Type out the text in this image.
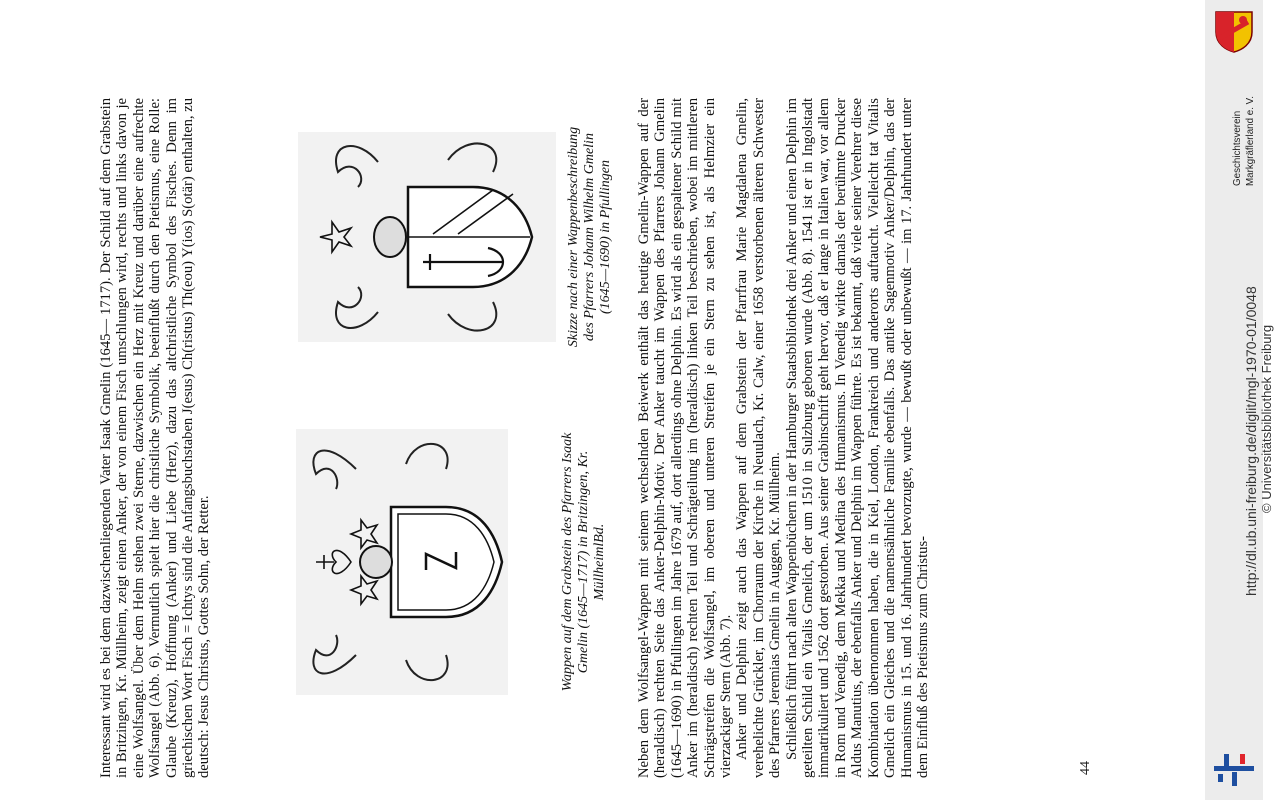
Interessant wird es bei dem dazwischenliegenden Vater Isaak Gmelin (1645— 1717). Der Schild auf dem Grabstein in Britzingen, Kr. Müllheim, zeigt einen Anker, der von einem Fisch umschlungen wird, rechts und links davon je eine Wolfsangel. Über dem Helm stehen zwei Sterne, dazwischen ein Herz mit Kreuz und darüber eine aufrechte Wolfsangel (Abb. 6). Vermutlich spielt hier die christliche Symbolik, beeinflußt durch den Pietismus, eine Rolle: Glaube (Kreuz), Hoffnung (Anker) und Liebe (Herz), dazu das altchristliche Symbol des Fisches. Denn im griechischen Wort Fisch = Ichtys sind die Anfangsbuchstaben J(esus) Ch(ristus) Th(eou) Y(ios) S(otär) enthalten, zu deutsch: Jesus Christus, Gottes Sohn, der Retter.	Wappen auf dem Grabstein des Pfarrers Isaak Gmelin (1645—1717) in Britzingen, Kr. MüllheimlBd.
Skizze nach einer Wappenbeschreibung des Pfarrers Johann Wilhelm Gmelin (1645—1690) in Pfullingen Neben dem Wolfsangel-Wappen mit seinem wechselnden Beiwerk enthält das heutige Gmelin-Wappen auf der (heraldisch) rechten Seite das Anker-Delphin-Motiv. Der Anker taucht im Wappen des Pfarrers Johann Gmelin (1645—1690) in Pfullingen im Jahre 1679 auf, dort allerdings ohne Delphin. Es wird als ein gespaltener Schild mit Anker im (heraldisch) rechten Teil und Schrägteilung im (heraldisch) linken Teil beschrieben, wobei im mittleren Schrägstreifen die Wolfsangel, im oberen und unteren Streifen je ein Stern zu sehen ist, als Helmzier ein vierzackiger Stern (Abb. 7). Anker und Delphin zeigt auch das Wappen auf dem Grabstein der Pfarrfrau Marie Magdalena Gmelin, verehelichte Grückler, im Chorraum der Kirche in Neuulach, Kr. Calw, einer 1658 verstorbenen älteren Schwester des Pfarrers Jeremias Gmelin in Auggen, Kr. Müllheim. Schließlich führt nach alten Wappenbüchern in der Hamburger Staatsbibliothek drei Anker und einen Delphin im geteilten Schild ein Vitalis Gmelich, der um 1510 in Sulzburg geboren wurde (Abb. 8). 1541 ist er in Ingolstadt immatrikuliert und 1562 dort gestorben. Aus seiner Grabinschrift geht hervor, daß er lange in Italien war, vor allem in Rom und Venedig, dem Mekka und Medina des Humanismus. In Venedig wirkte damals der berühmte Drucker Aldus Manutius, der ebenfalls Anker und Delphin im Wappen führte. Es ist bekannt, daß viele seiner Verehrer diese Kombination übernommen haben, die in Kiel, London, Frankreich und anderorts auftaucht. Vielleicht tat Vitalis Gmelich ein Gleiches und die namensähnliche Familie ebenfalls. Das antike Sagenmotiv Anker/Delphin, das der Humanismus in 15. und 16. Jahrhundert bevorzugte, wurde — bewußt oder unbewußt — im 17. Jahrhundert unter dem Einfluß des Pietismus zum Christus-	44
Geschichtsverein Markgräflerland e. V.
http://dl.ub.uni-freiburg.de/diglit/mgl-1970-01/0048 © Universitätsbibliothek Freiburg
